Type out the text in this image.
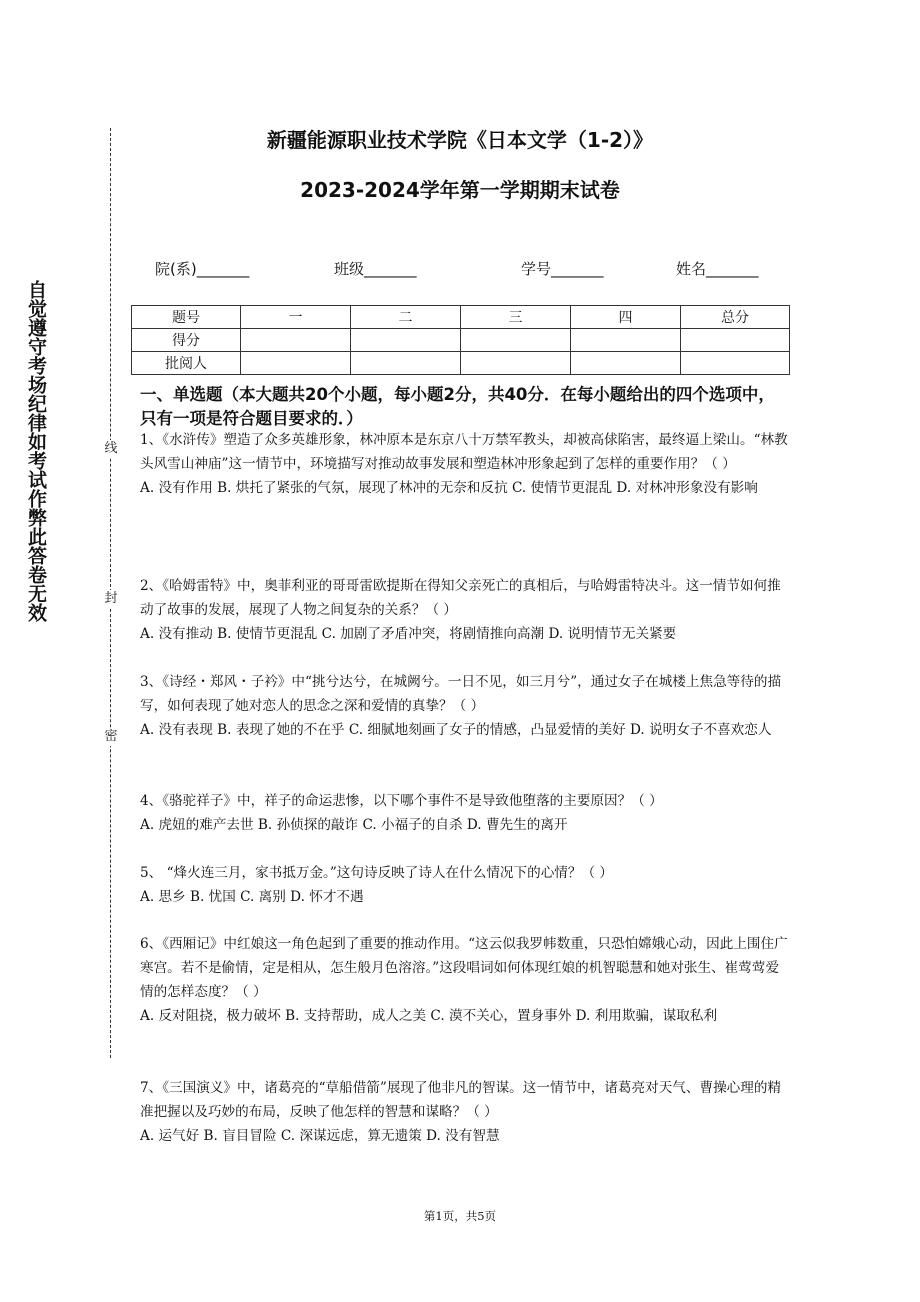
自觉遵守考场纪律如考试作弊此答卷无效	线
封
密
新疆能源职业技术学院《日本文学（1-2）》
2023-2024学年第一学期期末试卷
院(系)_______	班级_______	学号_______	姓名_______
题号	一	二	三	四	总分
得分					
批阅人					
一、单选题（本大题共20个小题，每小题2分，共40分．在每小题给出的四个选项中，只有一项是符合题目要求的．）

1、《水浒传》塑造了众多英雄形象，林冲原本是东京八十万禁军教头，却被高俅陷害，最终逼上梁山。“林教头风雪山神庙”这一情节中，环境描写对推动故事发展和塑造林冲形象起到了怎样的重要作用？（ ）

A. 没有作用 B. 烘托了紧张的气氛，展现了林冲的无奈和反抗 C. 使情节更混乱 D. 对林冲形象没有影响

2、《哈姆雷特》中，奥菲利亚的哥哥雷欧提斯在得知父亲死亡的真相后，与哈姆雷特决斗。这一情节如何推动了故事的发展，展现了人物之间复杂的关系？（ ）

A. 没有推动 B. 使情节更混乱 C. 加剧了矛盾冲突，将剧情推向高潮 D. 说明情节无关紧要

3、《诗经・郑风・子衿》中“挑兮达兮，在城阙兮。一日不见，如三月兮”，通过女子在城楼上焦急等待的描写，如何表现了她对恋人的思念之深和爱情的真挚？（ ）

A. 没有表现 B. 表现了她的不在乎 C. 细腻地刻画了女子的情感，凸显爱情的美好 D. 说明女子不喜欢恋人

4、《骆驼祥子》中，祥子的命运悲惨，以下哪个事件不是导致他堕落的主要原因？（ ）

A. 虎妞的难产去世 B. 孙侦探的敲诈 C. 小福子的自杀 D. 曹先生的离开

5、 “烽火连三月，家书抵万金。”这句诗反映了诗人在什么情况下的心情？（ ）

A. 思乡 B. 忧国 C. 离别 D. 怀才不遇

6、《西厢记》中红娘这一角色起到了重要的推动作用。“这云似我罗帏数重，只恐怕嫦娥心动，因此上围住广寒宫。若不是偷情，定是相从，怎生般月色溶溶。”这段唱词如何体现红娘的机智聪慧和她对张生、崔莺莺爱情的怎样态度？（ ）

A. 反对阻挠，极力破坏 B. 支持帮助，成人之美 C. 漠不关心，置身事外 D. 利用欺骗，谋取私利

7、《三国演义》中，诸葛亮的“草船借箭”展现了他非凡的智谋。这一情节中，诸葛亮对天气、曹操心理的精准把握以及巧妙的布局，反映了他怎样的智慧和谋略？（ ）

A. 运气好 B. 盲目冒险 C. 深谋远虑，算无遗策 D. 没有智慧

第1页，共5页
